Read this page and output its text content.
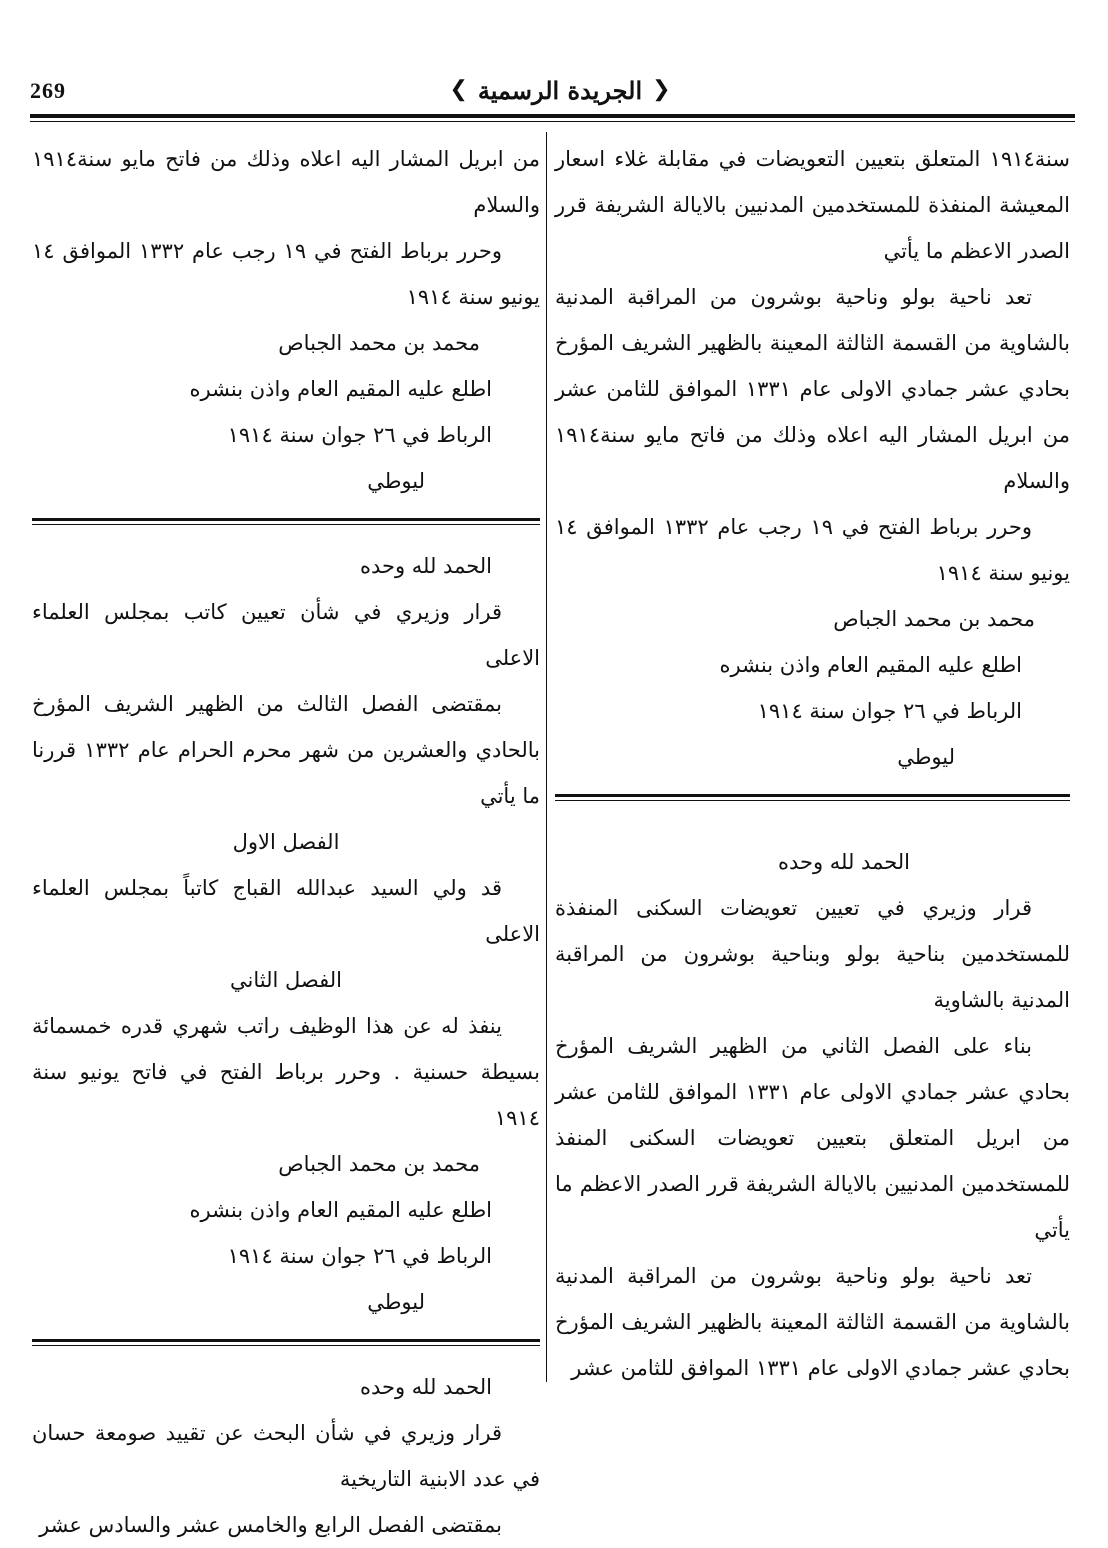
269	❮ الجريدة الرسمية ❯

سنة١٩١٤ المتعلق بتعيين التعويضات في مقابلة غلاء اسعار المعيشة المنفذة للمستخدمين المدنيين بالايالة الشريفة قرر الصدر الاعظم ما يأتي

تعد ناحية بولو وناحية بوشرون من المراقبة المدنية بالشاوية من القسمة الثالثة المعينة بالظهير الشريف المؤرخ بحادي عشر جمادي الاولى عام ١٣٣١ الموافق للثامن عشر من ابريل المشار اليه اعلاه وذلك من فاتح مايو سنة١٩١٤ والسلام

وحرر برباط الفتح في ١٩ رجب عام ١٣٣٢ الموافق ١٤ يونيو سنة ١٩١٤

محمد بن محمد الجباص

اطلع عليه المقيم العام واذن بنشره

الرباط في ٢٦ جوان سنة ١٩١٤

ليوطي

الحمد لله وحده

قرار وزيري في تعيين تعويضات السكنى المنفذة للمستخدمين بناحية بولو وبناحية بوشرون من المراقبة المدنية بالشاوية

بناء على الفصل الثاني من الظهير الشريف المؤرخ بحادي عشر جمادي الاولى عام ١٣٣١ الموافق للثامن عشر من ابريل المتعلق بتعيين تعويضات السكنى المنفذ للمستخدمين المدنيين بالايالة الشريفة قرر الصدر الاعظم ما يأتي

تعد ناحية بولو وناحية بوشرون من المراقبة المدنية بالشاوية من القسمة الثالثة المعينة بالظهير الشريف المؤرخ بحادي عشر جمادي الاولى عام ١٣٣١ الموافق للثامن عشر

من ابريل المشار اليه اعلاه وذلك من فاتح مايو سنة١٩١٤ والسلام

وحرر برباط الفتح في ١٩ رجب عام ١٣٣٢ الموافق ١٤ يونيو سنة ١٩١٤

محمد بن محمد الجباص

اطلع عليه المقيم العام واذن بنشره

الرباط في ٢٦ جوان سنة ١٩١٤

ليوطي

الحمد لله وحده

قرار وزيري في شأن تعيين كاتب بمجلس العلماء الاعلى

بمقتضى الفصل الثالث من الظهير الشريف المؤرخ بالحادي والعشرين من شهر محرم الحرام عام ١٣٣٢ قررنا ما يأتي

الفصل الاول

قد ولي السيد عبدالله القباج كاتباً بمجلس العلماء الاعلى

الفصل الثاني

ينفذ له عن هذا الوظيف راتب شهري قدره خمسمائة بسيطة حسنية . وحرر برباط الفتح في فاتح يونيو سنة ١٩١٤

محمد بن محمد الجباص

اطلع عليه المقيم العام واذن بنشره

الرباط في ٢٦ جوان سنة ١٩١٤

ليوطي

الحمد لله وحده

قرار وزيري في شأن البحث عن تقييد صومعة حسان في عدد الابنية التاريخية

بمقتضى الفصل الرابع والخامس عشر والسادس عشر
